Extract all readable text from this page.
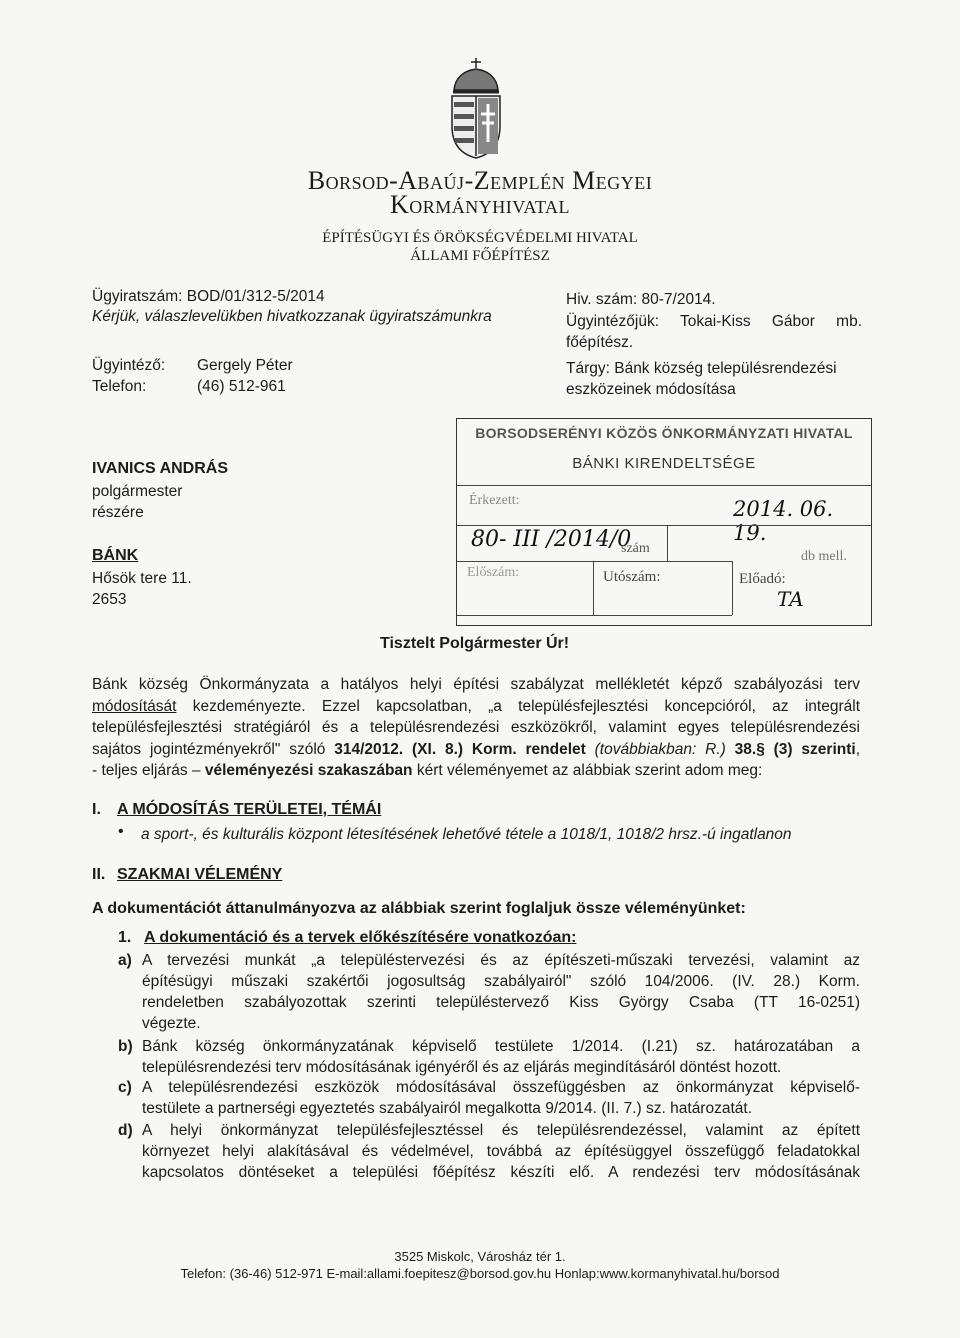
Borsod-Abaúj-Zemplén Megyei
Kormányhivatal
ÉPÍTÉSÜGYI ÉS ÖRÖKSÉGVÉDELMI HIVATAL
ÁLLAMI FŐÉPÍTÉSZ
Ügyiratszám: BOD/01/312-5/2014
Kérjük, válaszlevelükben hivatkozzanak ügyiratszámunkra
Ügyintéző: Gergely Péter
Telefon:	(46) 512-961
Hiv. szám: 80-7/2014.
Ügyintézőjük: Tokai-Kiss Gábor mb.
főépítész.
Tárgy: Bánk község településrendezési
eszközeinek módosítása
IVANICS ANDRÁS
polgármester
részére
BÁNK
Hősök tere 11.
2653
BORSODSERÉNYI KÖZÖS ÖNKORMÁNYZATI HIVATAL
BÁNKI KIRENDELTSÉGE
Érkezett:	2014. 06. 19.
80- III /2014/0
szám
db mell.
Előszám:	Utószám:	Előadó:
TA
Tisztelt Polgármester Úr!
Bánk község Önkormányzata a hatályos helyi építési szabályzat mellékletét képző szabályozási terv
módosítását kezdeményezte. Ezzel kapcsolatban, „a településfejlesztési koncepcióról, az integrált
településfejlesztési stratégiáról és a településrendezési eszközökről, valamint egyes településrendezési
sajátos jogintézményekről" szóló 314/2012. (XI. 8.) Korm. rendelet (továbbiakban: R.) 38.§ (3) szerinti,
- teljes eljárás – véleményezési szakaszában kért véleményemet az alábbiak szerint adom meg:
I. A MÓDOSÍTÁS TERÜLETEI, TÉMÁI
• a sport-, és kulturális központ létesítésének lehetővé tétele a 1018/1, 1018/2 hrsz.-ú ingatlanon
II. SZAKMAI VÉLEMÉNY
A dokumentációt áttanulmányozva az alábbiak szerint foglaljuk össze véleményünket:
1. A dokumentáció és a tervek előkészítésére vonatkozóan:
a) A tervezési munkát „a településtervezési és az építészeti-műszaki tervezési, valamint az
építésügyi műszaki szakértői jogosultság szabályairól" szóló 104/2006. (IV. 28.) Korm.
rendeletben szabályozottak szerinti településtervező Kiss György Csaba (TT 16-0251)
végezte.
b) Bánk község önkormányzatának képviselő testülete 1/2014. (I.21) sz. határozatában a
településrendezési terv módosításának igényéről és az eljárás megindításáról döntést hozott.
c) A településrendezési eszközök módosításával összefüggésben az önkormányzat képviselő-
testülete a partnerségi egyeztetés szabályairól megalkotta 9/2014. (II. 7.) sz. határozatát.
d) A helyi önkormányzat településfejlesztéssel és településrendezéssel, valamint az épített
környezet helyi alakításával és védelmével, továbbá az építésüggyel összefüggő feladatokkal
kapcsolatos döntéseket a települési főépítész készíti elő. A rendezési terv módosításának
3525 Miskolc, Városház tér 1.
Telefon: (36-46) 512-971 E-mail:allami.foepitesz@borsod.gov.hu Honlap:www.kormanyhivatal.hu/borsod
